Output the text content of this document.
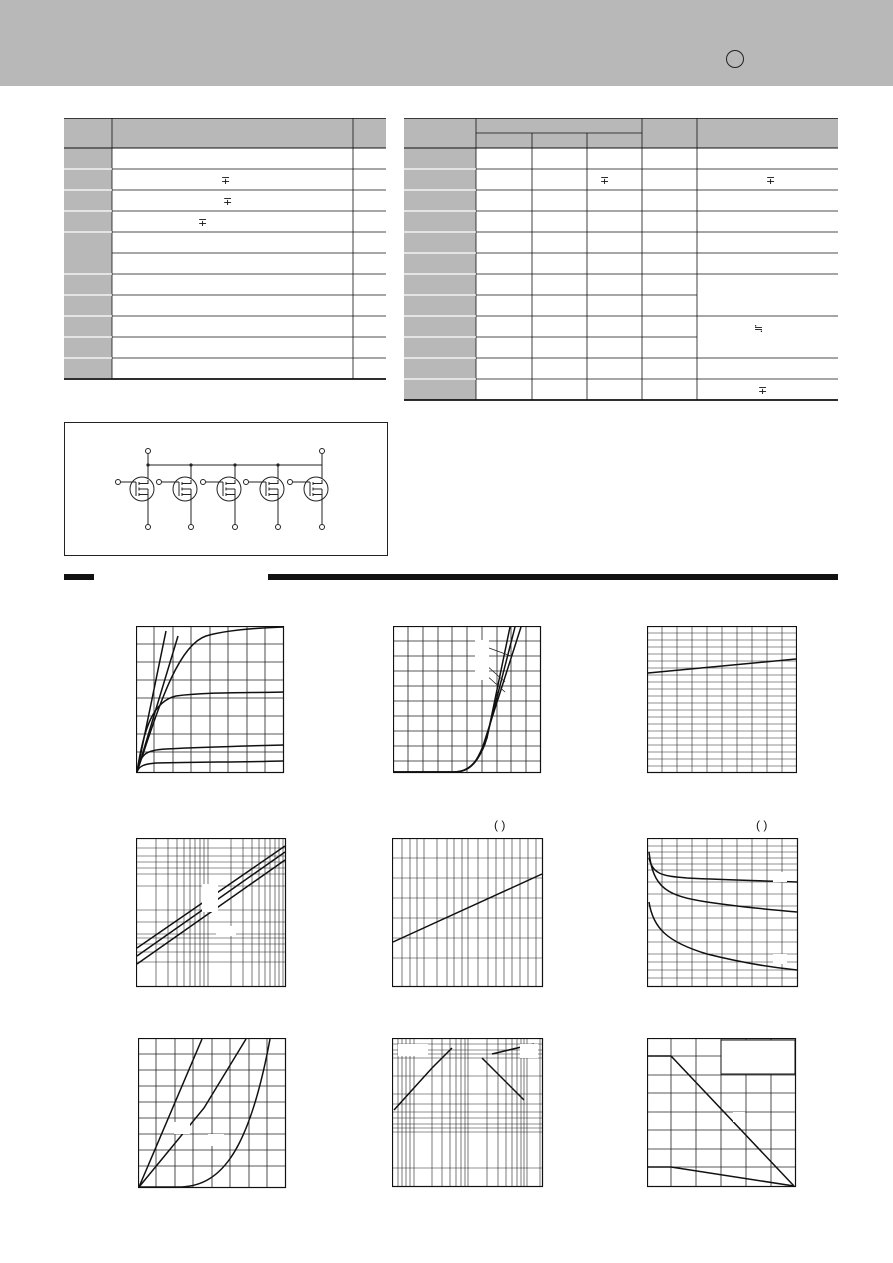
∓
∓
∓
∓	∓
≒
∓
( )	( )
